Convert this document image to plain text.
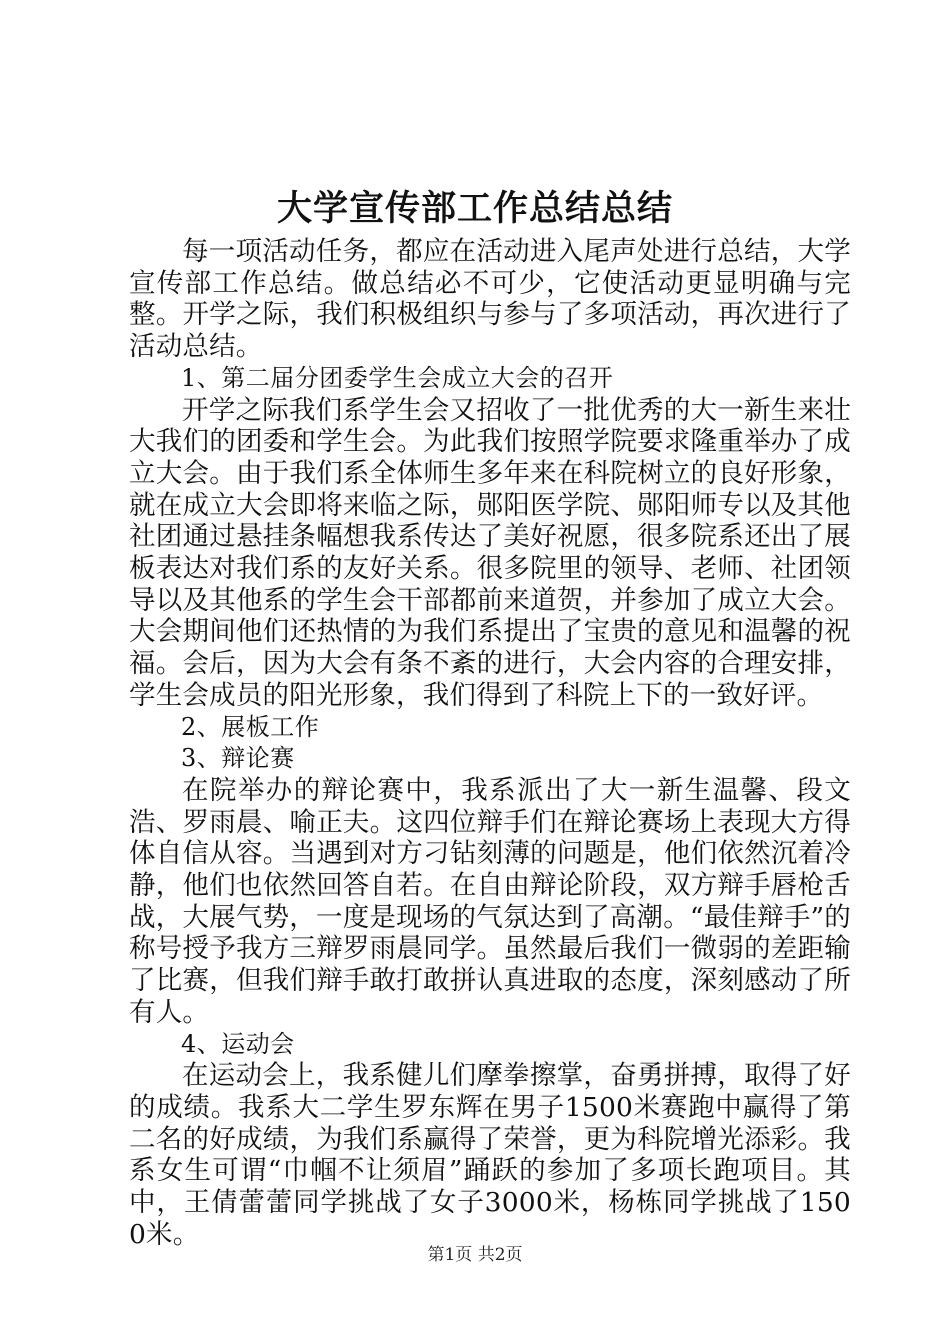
大学宣传部工作总结总结

每一项活动任务，都应在活动进入尾声处进行总结，大学宣传部工作总结。做总结必不可少，它使活动更显明确与完整。开学之际，我们积极组织与参与了多项活动，再次进行了活动总结。

1、第二届分团委学生会成立大会的召开

开学之际我们系学生会又招收了一批优秀的大一新生来壮大我们的团委和学生会。为此我们按照学院要求隆重举办了成立大会。由于我们系全体师生多年来在科院树立的良好形象，就在成立大会即将来临之际，郧阳医学院、郧阳师专以及其他社团通过悬挂条幅想我系传达了美好祝愿，很多院系还出了展板表达对我们系的友好关系。很多院里的领导、老师、社团领导以及其他系的学生会干部都前来道贺，并参加了成立大会。大会期间他们还热情的为我们系提出了宝贵的意见和温馨的祝福。会后，因为大会有条不紊的进行，大会内容的合理安排，学生会成员的阳光形象，我们得到了科院上下的一致好评。

2、展板工作

3、辩论赛

在院举办的辩论赛中，我系派出了大一新生温馨、段文浩、罗雨晨、喻正夫。这四位辩手们在辩论赛场上表现大方得体自信从容。当遇到对方刁钻刻薄的问题是，他们依然沉着冷静，他们也依然回答自若。在自由辩论阶段，双方辩手唇枪舌战，大展气势，一度是现场的气氛达到了高潮。“最佳辩手”的称号授予我方三辩罗雨晨同学。虽然最后我们一微弱的差距输了比赛，但我们辩手敢打敢拼认真进取的态度，深刻感动了所有人。

4、运动会

在运动会上，我系健儿们摩拳擦掌，奋勇拼搏，取得了好的成绩。我系大二学生罗东辉在男子1500米赛跑中赢得了第二名的好成绩，为我们系赢得了荣誉，更为科院增光添彩。我系女生可谓“巾帼不让须眉”踊跃的参加了多项长跑项目。其中，王倩蕾蕾同学挑战了女子3000米，杨栋同学挑战了1500米。

第1页 共2页
